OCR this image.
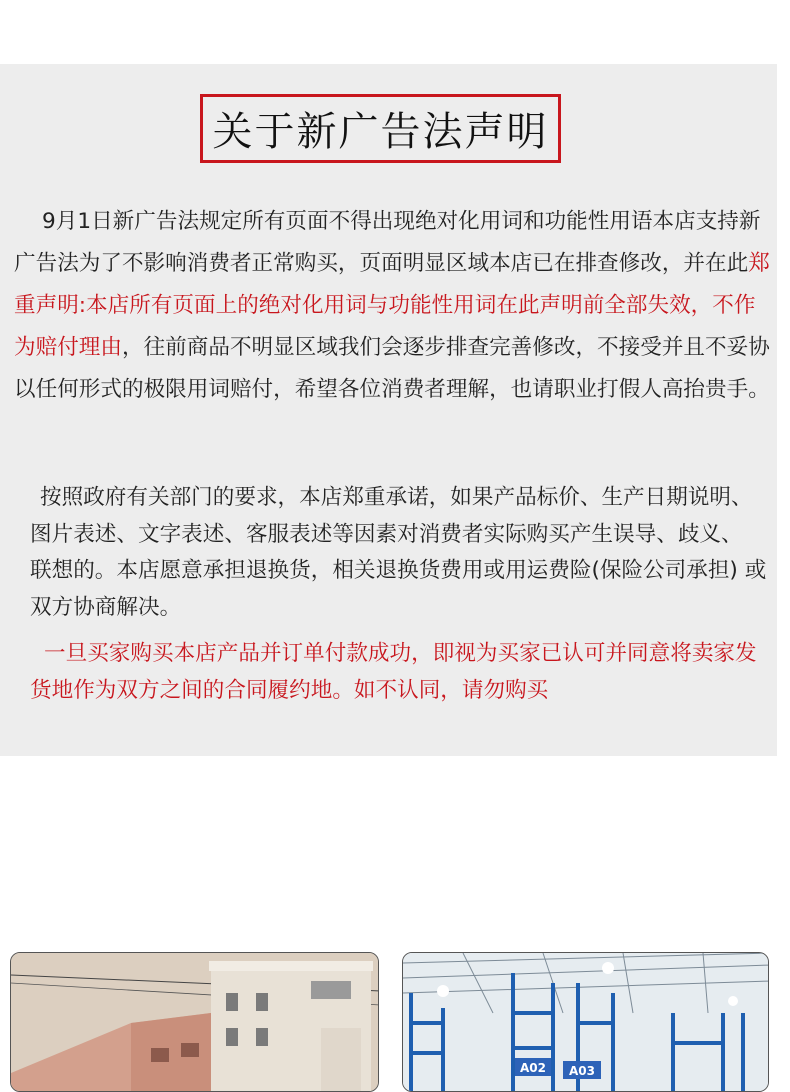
关于新广告法声明
9月1日新广告法规定所有页面不得出现绝对化用词和功能性用语本店支持新广告法为了不影响消费者正常购买，页面明显区域本店已在排查修改，并在此郑重声明:本店所有页面上的绝对化用词与功能性用词在此声明前全部失效，不作为赔付理由，往前商品不明显区域我们会逐步排查完善修改，不接受并且不妥协以任何形式的极限用词赔付，希望各位消费者理解，也请职业打假人高抬贵手。
按照政府有关部门的要求，本店郑重承诺，如果产品标价、生产日期说明、图片表述、文字表述、客服表述等因素对消费者实际购买产生误导、歧义、 联想的。本店愿意承担退换货，相关退换货费用或用运费险(保险公司承担) 或双方协商解决。
一旦买家购买本店产品并订单付款成功，即视为买家已认可并同意将卖家发货地作为双方之间的合同履约地。如不认同，请勿购买
A02 A03
